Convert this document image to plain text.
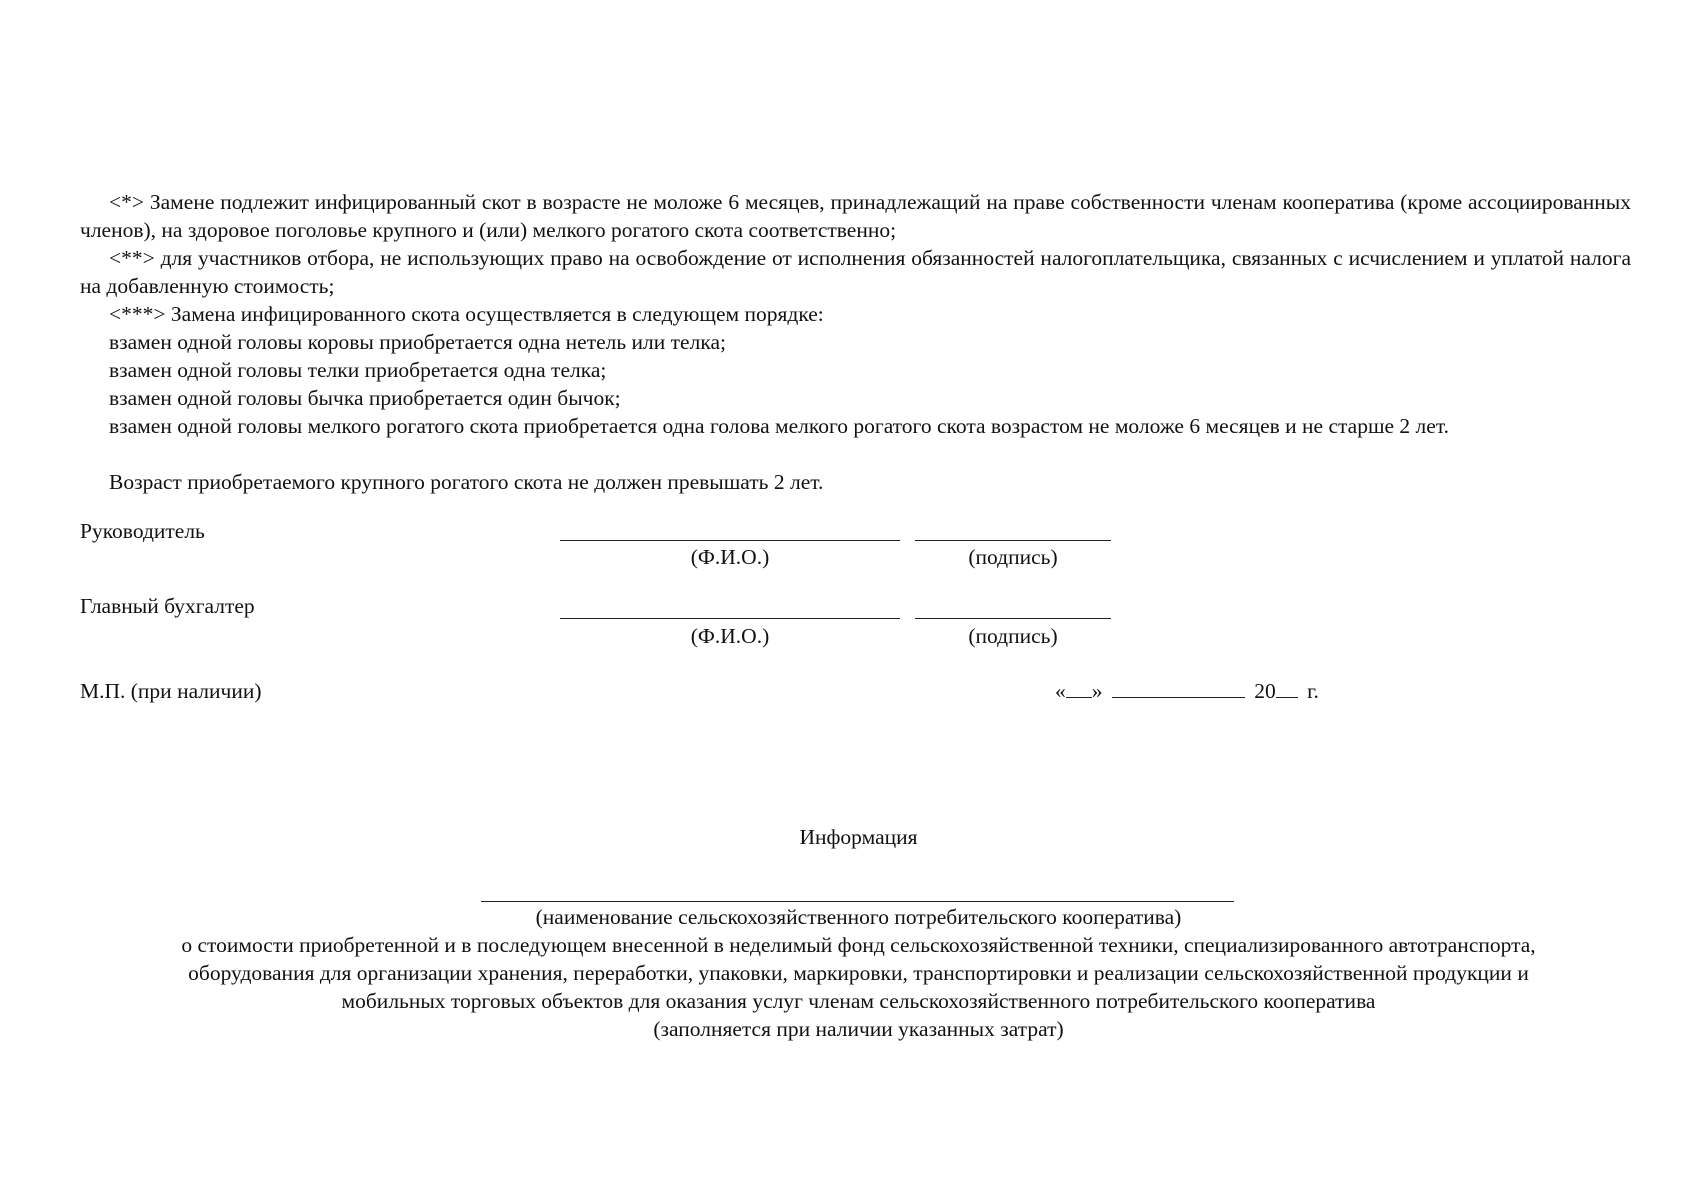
<*> Замене подлежит инфицированный скот в возрасте не моложе 6 месяцев, принадлежащий на праве собственности членам кооператива (кроме ассоциированных членов), на здоровое поголовье крупного и (или) мелкого рогатого скота соответственно;

<**> для участников отбора, не использующих право на освобождение от исполнения обязанностей налогоплательщика, связанных с исчислением и уплатой налога на добавленную стоимость;

<***> Замена инфицированного скота осуществляется в следующем порядке:

взамен одной головы коровы приобретается одна нетель или телка;

взамен одной головы телки приобретается одна телка;

взамен одной головы бычка приобретается один бычок;

взамен одной головы мелкого рогатого скота приобретается одна голова мелкого рогатого скота возрастом не моложе 6 месяцев и не старше 2 лет.

Возраст приобретаемого крупного рогатого скота не должен превышать 2 лет.

Руководитель
(Ф.И.О.)	(подпись)
Главный бухгалтер
(Ф.И.О.)	(подпись)
М.П. (при наличии)	« »	20 г.
Информация
(наименование сельскохозяйственного потребительского кооператива)
о стоимости приобретенной и в последующем внесенной в неделимый фонд сельскохозяйственной техники, специализированного автотранспорта,
оборудования для организации хранения, переработки, упаковки, маркировки, транспортировки и реализации сельскохозяйственной продукции и
мобильных торговых объектов для оказания услуг членам сельскохозяйственного потребительского кооператива
(заполняется при наличии указанных затрат)
